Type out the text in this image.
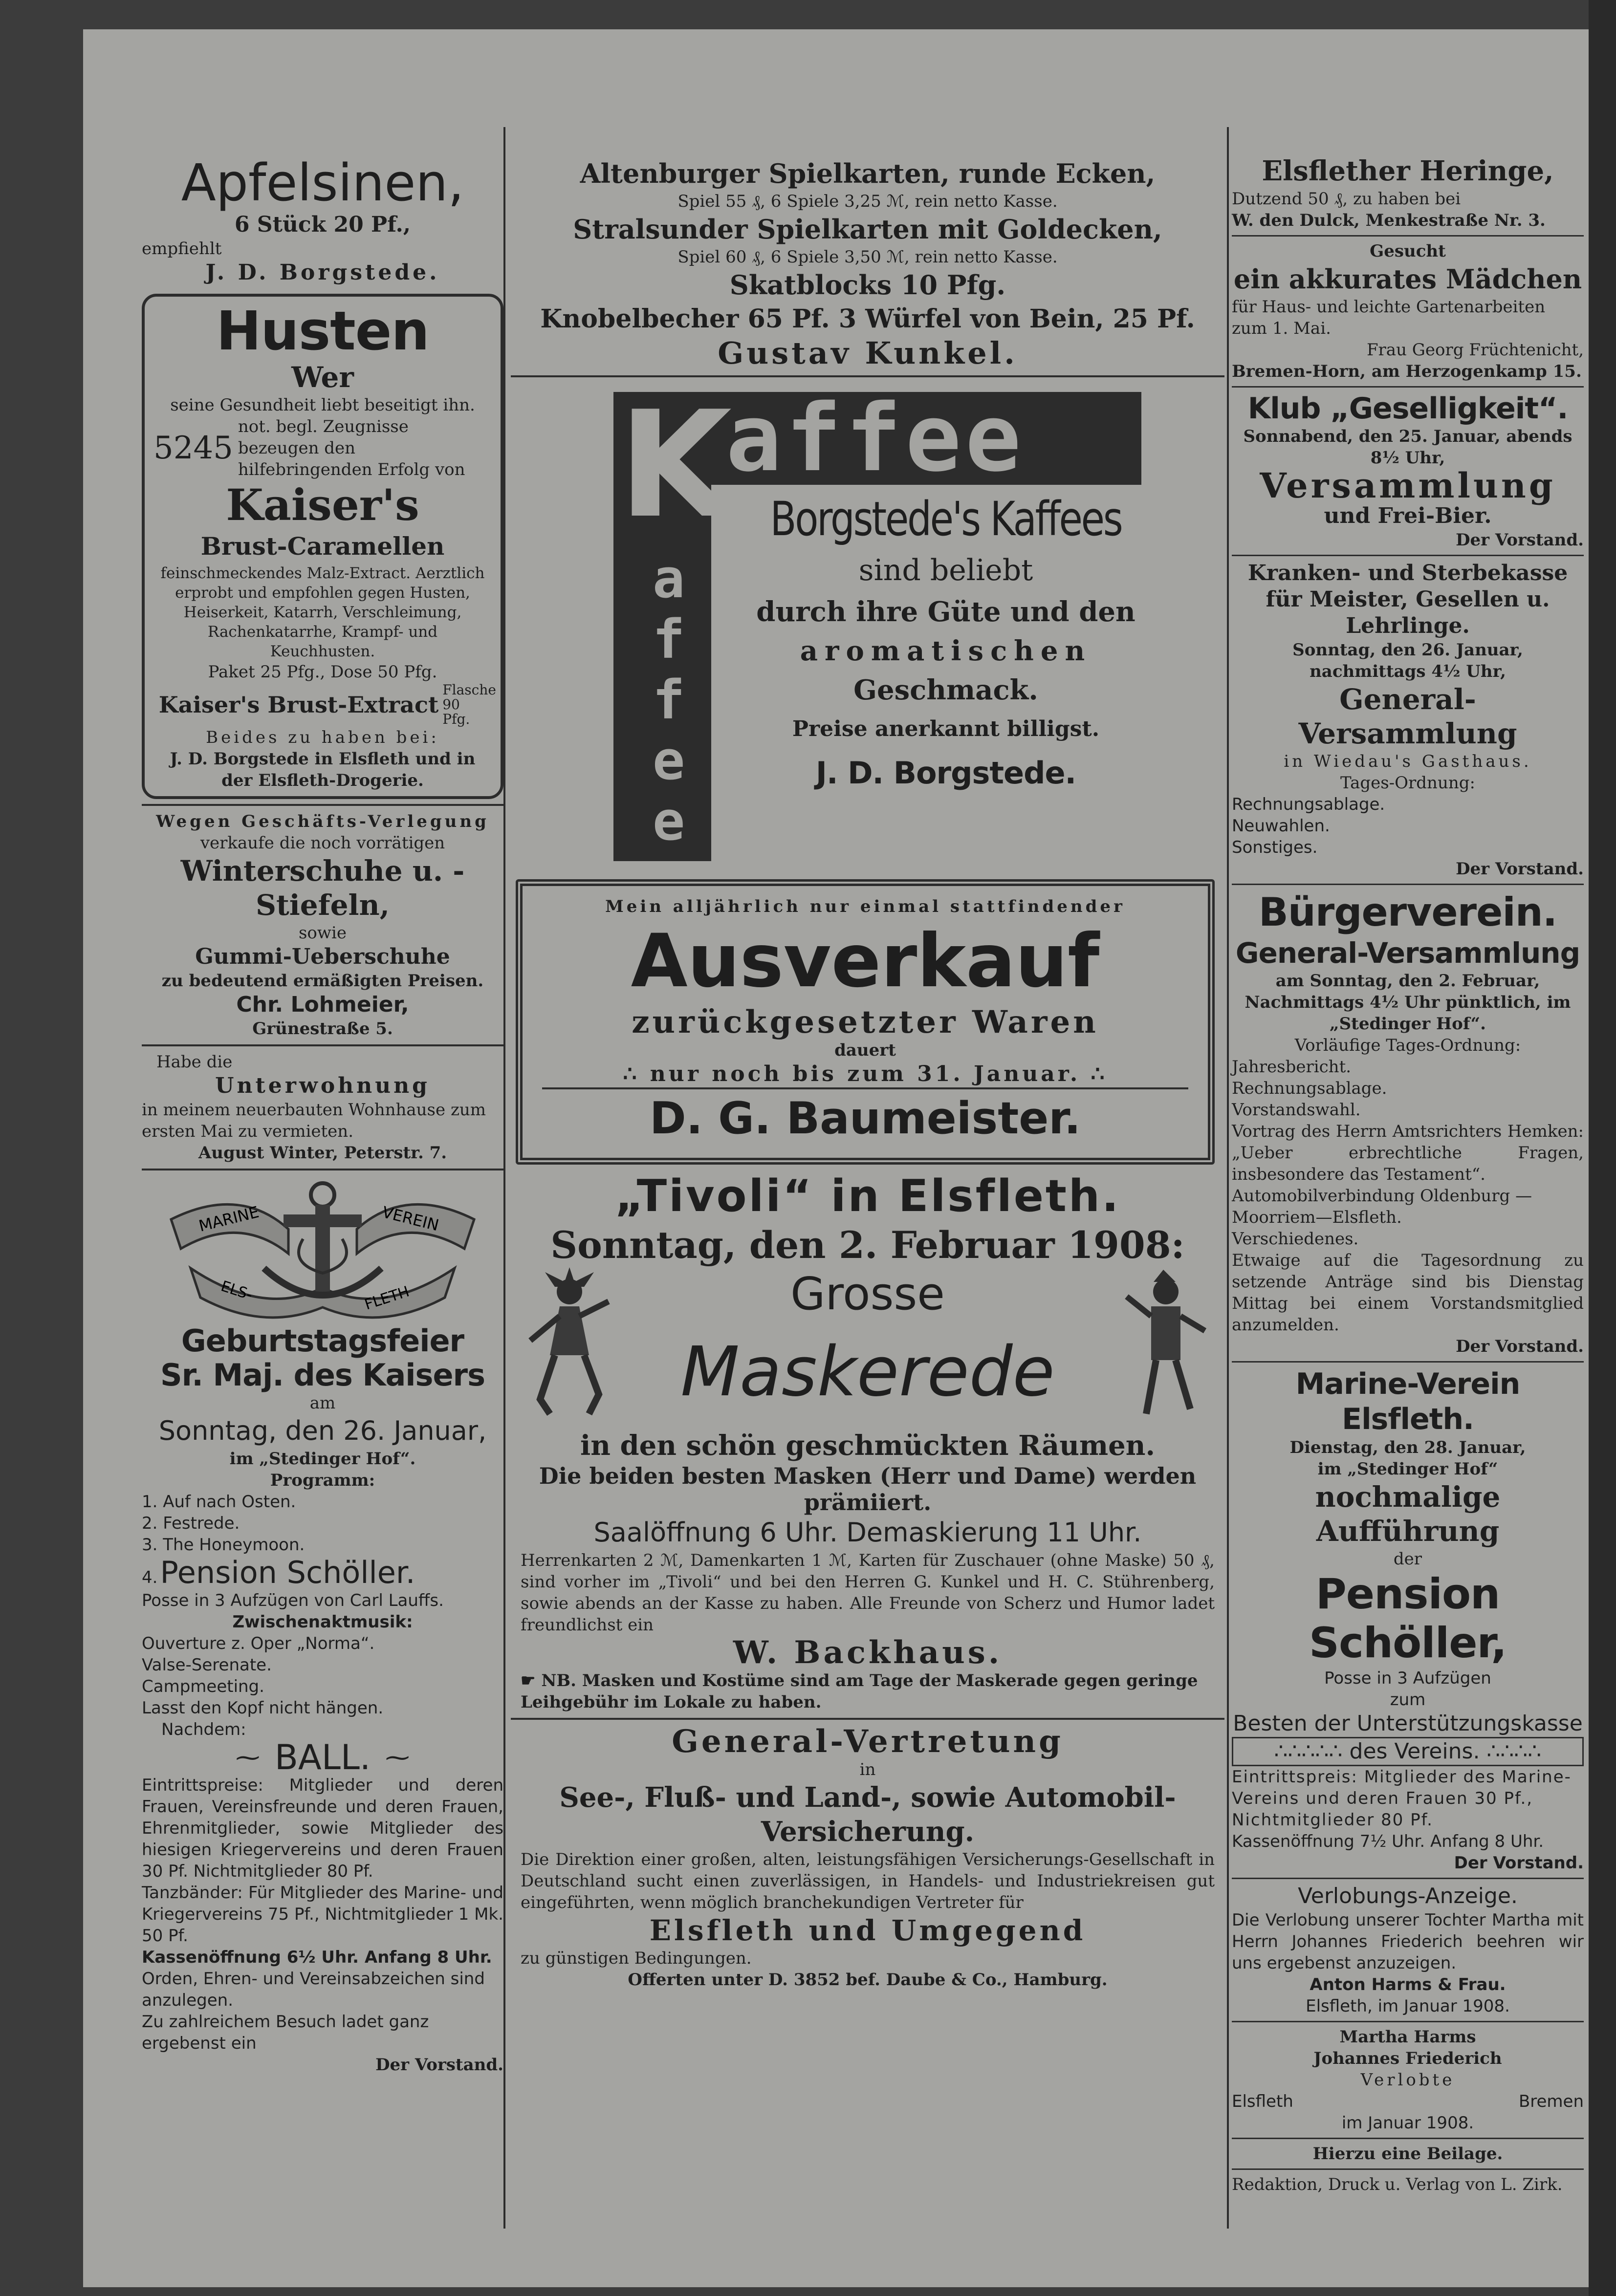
Apfelsinen,

6 Stück 20 Pf.,

empfiehlt

J. D. Borgstede.

Husten

Wer

seine Gesundheit liebt beseitigt ihn.

5245
not. begl. Zeugnisse bezeugen den hilfebringenden Erfolg von

Kaiser's

Brust-Caramellen

feinschmeckendes Malz-Extract. Aerztlich erprobt und empfohlen gegen Husten, Heiserkeit, Katarrh, Verschleimung, Rachenkatarrhe, Krampf- und Keuchhusten.

Paket 25 Pfg., Dose 50 Pfg.

Kaiser's Brust-Extract
Flasche 90 Pfg.

Beides zu haben bei:

J. D. Borgstede in Elsfleth und in der Elsfleth-Drogerie.

Wegen Geschäfts-Verlegung

verkaufe die noch vorrätigen

Winterschuhe u. -Stiefeln,

sowie

Gummi-Ueberschuhe

zu bedeutend ermäßigten Preisen.

Chr. Lohmeier,

Grünestraße 5.

Habe die

Unterwohnung

in meinem neuerbauten Wohnhause zum ersten Mai zu vermieten.

August Winter, Peterstr. 7.

MARINE	VEREIN
ELS-	FLETH

Geburtstagsfeier

Sr. Maj. des Kaisers

am

Sonntag, den 26. Januar,

im „Stedinger Hof“.

Programm:

1. Auf nach Osten.

2. Festrede.

3. The Honeymoon.

4. Pension Schöller.

Posse in 3 Aufzügen von Carl Lauffs.

Zwischenaktmusik:

Ouverture z. Oper „Norma“.

Valse-Serenate.

Campmeeting.

Lasst den Kopf nicht hängen.

Nachdem:

⁓ BALL. ⁓

Eintrittspreise: Mitglieder und deren Frauen, Vereinsfreunde und deren Frauen, Ehrenmitglieder, sowie Mitglieder des hiesigen Kriegervereins und deren Frauen 30 Pf. Nichtmitglieder 80 Pf.

Tanzbänder: Für Mitglieder des Marine- und Kriegervereins 75 Pf., Nichtmitglieder 1 Mk. 50 Pf.

Kassenöffnung 6½ Uhr. Anfang 8 Uhr.

Orden, Ehren- und Vereinsabzeichen sind anzulegen.

Zu zahlreichem Besuch ladet ganz ergebenst ein

Der Vorstand.

Altenburger Spielkarten, runde Ecken,

Spiel 55 ₰, 6 Spiele 3,25 ℳ, rein netto Kasse.

Stralsunder Spielkarten mit Goldecken,

Spiel 60 ₰, 6 Spiele 3,50 ℳ, rein netto Kasse.

Skatblocks 10 Pfg.

Knobelbecher 65 Pf. 3 Würfel von Bein, 25 Pf.

Gustav Kunkel.

K
affee
a
f
f
e
e

Borgstede's Kaffees

sind beliebt

durch ihre Güte und den

aromatischen

Geschmack.

Preise anerkannt billigst.

J. D. Borgstede.

Mein alljährlich nur einmal stattfindender

Ausverkauf

zurückgesetzter Waren

dauert

∴ nur noch bis zum 31. Januar. ∴

D. G. Baumeister.

„Tivoli“ in Elsfleth.

Sonntag, den 2. Februar 1908:

Grosse

Maskerede

in den schön geschmückten Räumen.

Die beiden besten Masken (Herr und Dame) werden prämiiert.

Saalöffnung 6 Uhr. Demaskierung 11 Uhr.

Herrenkarten 2 ℳ, Damenkarten 1 ℳ, Karten für Zuschauer (ohne Maske) 50 ₰, sind vorher im „Tivoli“ und bei den Herren G. Kunkel und H. C. Stührenberg, sowie abends an der Kasse zu haben. Alle Freunde von Scherz und Humor ladet freundlichst ein

W. Backhaus.

☛ NB. Masken und Kostüme sind am Tage der Maskerade gegen geringe Leihgebühr im Lokale zu haben.

General-Vertretung

in

See-, Fluß- und Land-, sowie Automobil-Versicherung.

Die Direktion einer großen, alten, leistungsfähigen Versicherungs-Gesellschaft in Deutschland sucht einen zuverlässigen, in Handels- und Industriekreisen gut eingeführten, wenn möglich branchekundigen Vertreter für

Elsfleth und Umgegend

zu günstigen Bedingungen.

Offerten unter D. 3852 bef. Daube & Co., Hamburg.

Elsflether Heringe,

Dutzend 50 ₰, zu haben bei

W. den Dulck, Menkestraße Nr. 3.

Gesucht

ein akkurates Mädchen

für Haus- und leichte Gartenarbeiten zum 1. Mai.

Frau Georg Früchtenicht,

Bremen-Horn, am Herzogenkamp 15.

Klub „Geselligkeit“.

Sonnabend, den 25. Januar, abends 8½ Uhr,

Versammlung

und Frei-Bier.

Der Vorstand.

Kranken- und Sterbekasse

für Meister, Gesellen u. Lehrlinge.

Sonntag, den 26. Januar, nachmittags 4½ Uhr,

General-Versammlung

in Wiedau's Gasthaus.

Tages-Ordnung:

Rechnungsablage.

Neuwahlen.

Sonstiges.

Der Vorstand.

Bürgerverein.

General-Versammlung

am Sonntag, den 2. Februar, Nachmittags 4½ Uhr pünktlich, im „Stedinger Hof“.

Vorläufige Tages-Ordnung:

Jahresbericht.

Rechnungsablage.

Vorstandswahl.

Vortrag des Herrn Amtsrichters Hemken: „Ueber erbrechtliche Fragen, insbesondere das Testament“.

Automobilverbindung Oldenburg — Moorriem—Elsfleth.

Verschiedenes.

Etwaige auf die Tagesordnung zu setzende Anträge sind bis Dienstag Mittag bei einem Vorstandsmitglied anzumelden.

Der Vorstand.

Marine-Verein Elsfleth.

Dienstag, den 28. Januar,

im „Stedinger Hof“

nochmalige Aufführung

der

Pension Schöller,

Posse in 3 Aufzügen

zum

Besten der Unterstützungskasse

∴∴∴∴∴ des Vereins. ∴∴∴∴

Eintrittspreis: Mitglieder des Marine-Vereins und deren Frauen 30 Pf., Nichtmitglieder 80 Pf.

Kassenöffnung 7½ Uhr. Anfang 8 Uhr.

Der Vorstand.

Verlobungs-Anzeige.

Die Verlobung unserer Tochter Martha mit Herrn Johannes Friederich beehren wir uns ergebenst anzuzeigen.

Anton Harms & Frau.

Elsfleth, im Januar 1908.

Martha Harms

Johannes Friederich

Verlobte

Elsfleth	Bremen

im Januar 1908.

Hierzu eine Beilage.

Redaktion, Druck u. Verlag von L. Zirk.
